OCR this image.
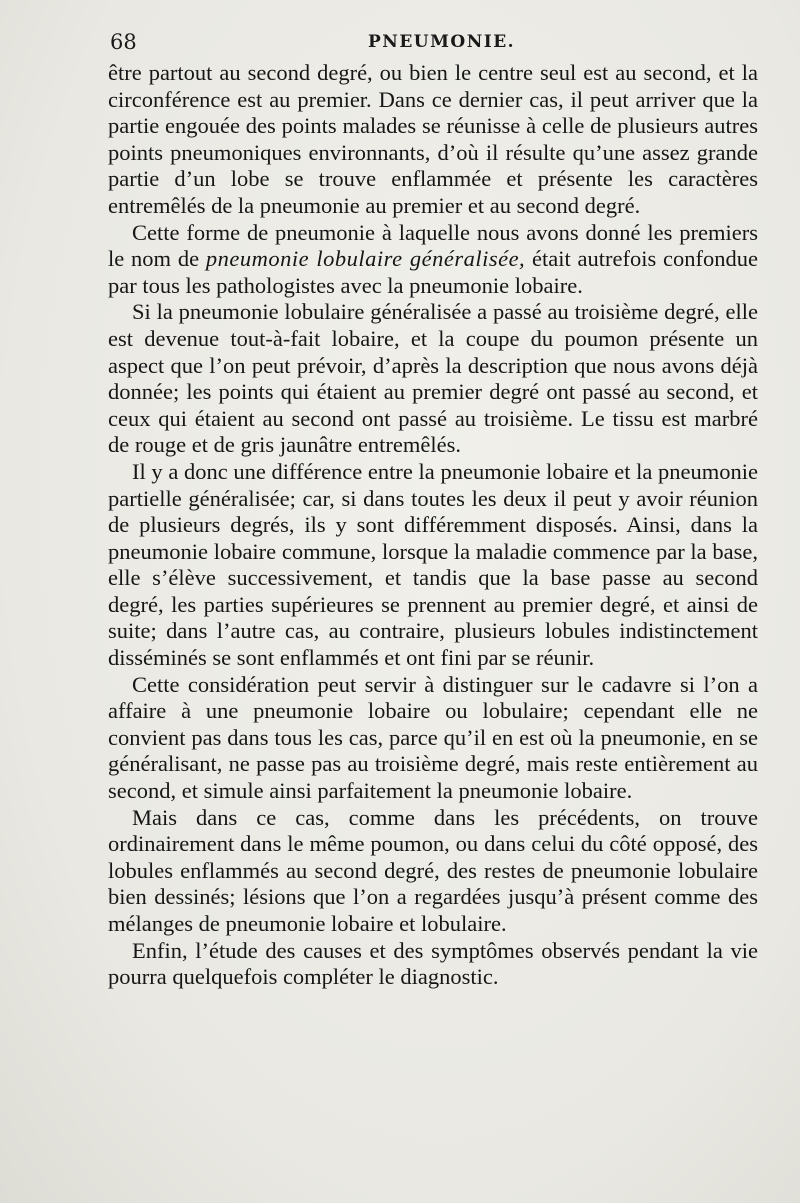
68	PNEUMONIE.

être partout au second degré, ou bien le centre seul est au second, et la circonférence est au premier. Dans ce dernier cas, il peut arriver que la partie engouée des points malades se réunisse à celle de plusieurs autres points pneumoniques environnants, d’où il résulte qu’une assez grande partie d’un lobe se trouve enflammée et présente les caractères entremêlés de la pneumonie au premier et au second degré.

Cette forme de pneumonie à laquelle nous avons donné les premiers le nom de pneumonie lobulaire généralisée, était autrefois confondue par tous les pathologistes avec la pneumonie lobaire.

Si la pneumonie lobulaire généralisée a passé au troisième degré, elle est devenue tout-à-fait lobaire, et la coupe du poumon présente un aspect que l’on peut prévoir, d’après la description que nous avons déjà donnée; les points qui étaient au premier degré ont passé au second, et ceux qui étaient au second ont passé au troisième. Le tissu est marbré de rouge et de gris jaunâtre entremêlés.

Il y a donc une différence entre la pneumonie lobaire et la pneumonie partielle généralisée; car, si dans toutes les deux il peut y avoir réunion de plusieurs degrés, ils y sont différemment disposés. Ainsi, dans la pneumonie lobaire commune, lorsque la maladie commence par la base, elle s’élève successivement, et tandis que la base passe au second degré, les parties supérieures se prennent au premier degré, et ainsi de suite; dans l’autre cas, au contraire, plusieurs lobules indistinctement disséminés se sont enflammés et ont fini par se réunir.

Cette considération peut servir à distinguer sur le cadavre si l’on a affaire à une pneumonie lobaire ou lobulaire; cependant elle ne convient pas dans tous les cas, parce qu’il en est où la pneumonie, en se généralisant, ne passe pas au troisième degré, mais reste entièrement au second, et simule ainsi parfaitement la pneumonie lobaire.

Mais dans ce cas, comme dans les précédents, on trouve ordinairement dans le même poumon, ou dans celui du côté opposé, des lobules enflammés au second degré, des restes de pneumonie lobulaire bien dessinés; lésions que l’on a regardées jusqu’à présent comme des mélanges de pneumonie lobaire et lobulaire.

Enfin, l’étude des causes et des symptômes observés pendant la vie pourra quelquefois compléter le diagnostic.
